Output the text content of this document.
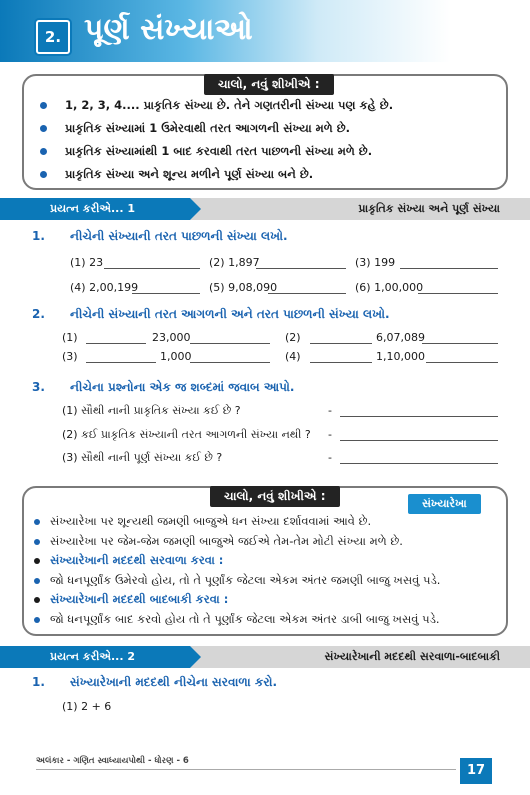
2. પૂર્ણ સંખ્યાઓ
ચાલો, નવું શીખીએ :
1, 2, 3, 4.... પ્રાકૃતિક સંખ્યા છે. તેને ગણતરીની સંખ્યા પણ કહે છે.
પ્રાકૃતિક સંખ્યામાં 1 ઉમેરવાથી તરત આગળની સંખ્યા મળે છે.
પ્રાકૃતિક સંખ્યામાંથી 1 બાદ કરવાથી તરત પાછળની સંખ્યા મળે છે.
પ્રાકૃતિક સંખ્યા અને શૂન્ય મળીને પૂર્ણ સંખ્યા બને છે.
પ્રયત્ન કરીએ... 1	પ્રાકૃતિક સંખ્યા અને પૂર્ણ સંખ્યા
1. નીચેની સંખ્યાની તરત પાછળની સંખ્યા લખો.
(1) 23	(2) 1,897	(3) 199
(4) 2,00,199	(5) 9,08,090	(6) 1,00,000
2. નીચેની સંખ્યાની તરત આગળની અને તરત પાછળની સંખ્યા લખો.
(1)	23,000	(2)	6,07,089
(3)	1,000	(4)	1,10,000
3. નીચેના પ્રશ્નોના એક જ શબ્દમાં જવાબ આપો.
(1) સૌથી નાની પ્રાકૃતિક સંખ્યા કઈ છે ?	-
(2) કઈ પ્રાકૃતિક સંખ્યાની તરત આગળની સંખ્યા નથી ? -
(3) સૌથી નાની પૂર્ણ સંખ્યા કઈ છે ?	-
ચાલો, નવું શીખીએ :
સંખ્યારેખા
સંખ્યારેખા પર શૂન્યથી જમણી બાજુએ ધન સંખ્યા દર્શાવવામાં આવે છે.
સંખ્યારેખા પર જેમ-જેમ જમણી બાજુએ જઈએ તેમ-તેમ મોટી સંખ્યા મળે છે.
સંખ્યારેખાની મદદથી સરવાળા કરવા :
જો ધનપૂર્ણાંક ઉમેરવો હોય, તો તે પૂર્ણાંક જેટલા એકમ અંતર જમણી બાજુ ખસવું પડે.
સંખ્યારેખાની મદદથી બાદબાકી કરવા :
જો ધનપૂર્ણાંક બાદ કરવો હોય તો તે પૂર્ણાંક જેટલા એકમ અંતર ડાબી બાજુ ખસવું પડે.
પ્રયત્ન કરીએ... 2	સંખ્યારેખાની મદદથી સરવાળા-બાદબાકી
1. સંખ્યારેખાની મદદથી નીચેના સરવાળા કરો.
(1) 2 + 6
અલંકાર - ગણિત સ્વાધ્યાયપોથી - ધોરણ - 6
17
